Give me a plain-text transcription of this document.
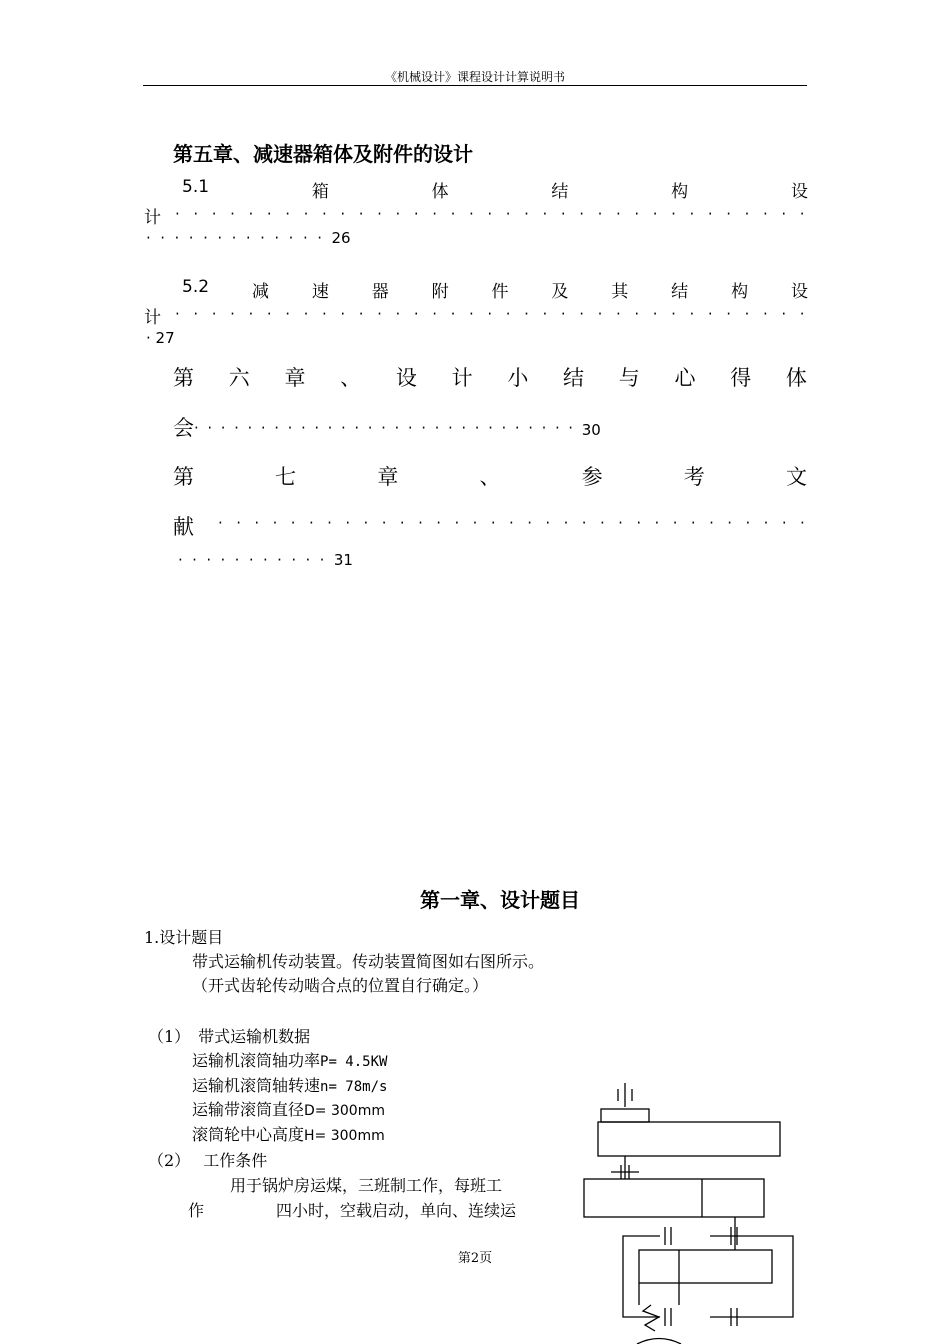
《机械设计》课程设计计算说明书
第五章、减速器箱体及附件的设计
5.1	箱	体	结	构	设
计 · · · · · · · · · · · · · · · · · · · · · · · · · · · · · · · · · · ·
·············26
5.2	减	速	器	附	件	及	其	结	构	设
计 · · · · · · · · · · · · · · · · · · · · · · · · · · · · · · · · · · ·
· 27
第 六 章 、 设 计 小 结 与 心 得 体
会·····························30
第	七	章	、	参	考	文
献 · · · · · · · · · · · · · · · · · · · · · · · · · · · · · · · · ·
···········31
第一章、设计题目
1.设计题目
带式运输机传动装置。传动装置简图如右图所示。
（开式齿轮传动啮合点的位置自行确定。）
（1）　带式运输机数据
运输机滚筒轴功率P= 4.5KW
运输机滚筒轴转速n= 78m/s
运输带滚筒直径D= 300mm
滚筒轮中心高度H= 300mm
（2）　 工作条件
用于锅炉房运煤，三班制工作，每班工
作	四小时，空载启动，单向、连续运
第2页
